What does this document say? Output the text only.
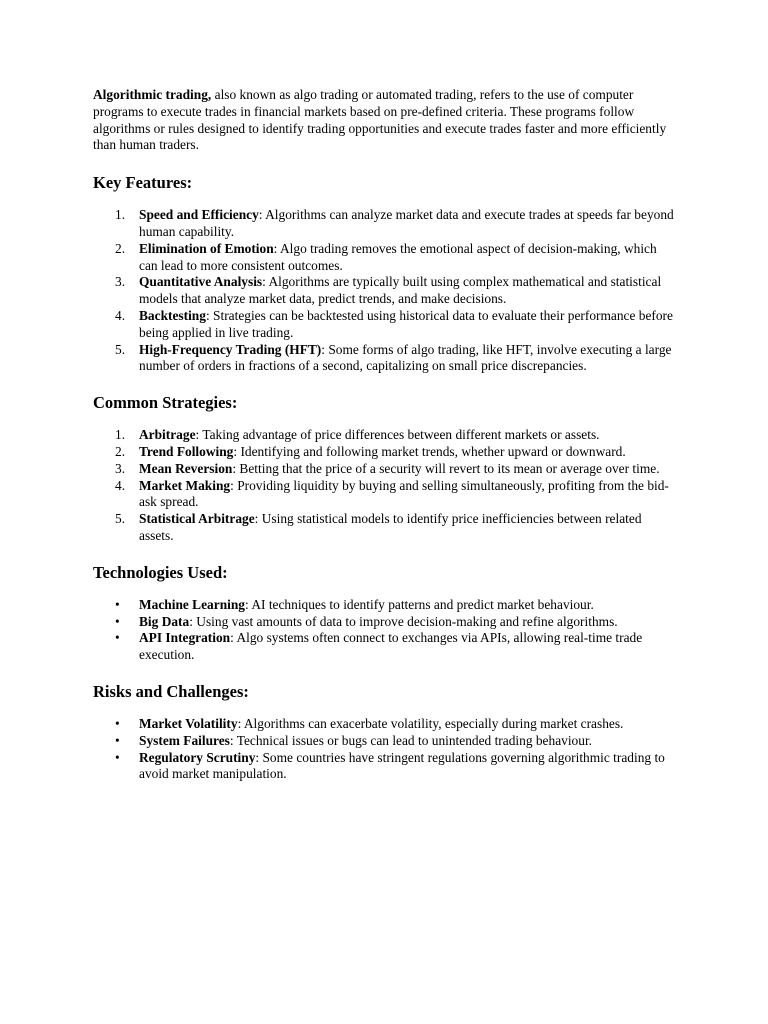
Algorithmic trading, also known as algo trading or automated trading, refers to the use of computer programs to execute trades in financial markets based on pre-defined criteria. These programs follow algorithms or rules designed to identify trading opportunities and execute trades faster and more efficiently than human traders.

Key Features:
1.	Speed and Efficiency: Algorithms can analyze market data and execute trades at speeds far beyond human capability.
2.	Elimination of Emotion: Algo trading removes the emotional aspect of decision-making, which can lead to more consistent outcomes.
3.	Quantitative Analysis: Algorithms are typically built using complex mathematical and statistical models that analyze market data, predict trends, and make decisions.
4.	Backtesting: Strategies can be backtested using historical data to evaluate their performance before being applied in live trading.
5.	High-Frequency Trading (HFT): Some forms of algo trading, like HFT, involve executing a large number of orders in fractions of a second, capitalizing on small price discrepancies.
Common Strategies:
1.	Arbitrage: Taking advantage of price differences between different markets or assets.
2.	Trend Following: Identifying and following market trends, whether upward or downward.
3.	Mean Reversion: Betting that the price of a security will revert to its mean or average over time.
4.	Market Making: Providing liquidity by buying and selling simultaneously, profiting from the bid-ask spread.
5.	Statistical Arbitrage: Using statistical models to identify price inefficiencies between related assets.
Technologies Used:
•	Machine Learning: AI techniques to identify patterns and predict market behaviour.
•	Big Data: Using vast amounts of data to improve decision-making and refine algorithms.
•	API Integration: Algo systems often connect to exchanges via APIs, allowing real-time trade execution.
Risks and Challenges:
•	Market Volatility: Algorithms can exacerbate volatility, especially during market crashes.
•	System Failures: Technical issues or bugs can lead to unintended trading behaviour.
•	Regulatory Scrutiny: Some countries have stringent regulations governing algorithmic trading to avoid market manipulation.
